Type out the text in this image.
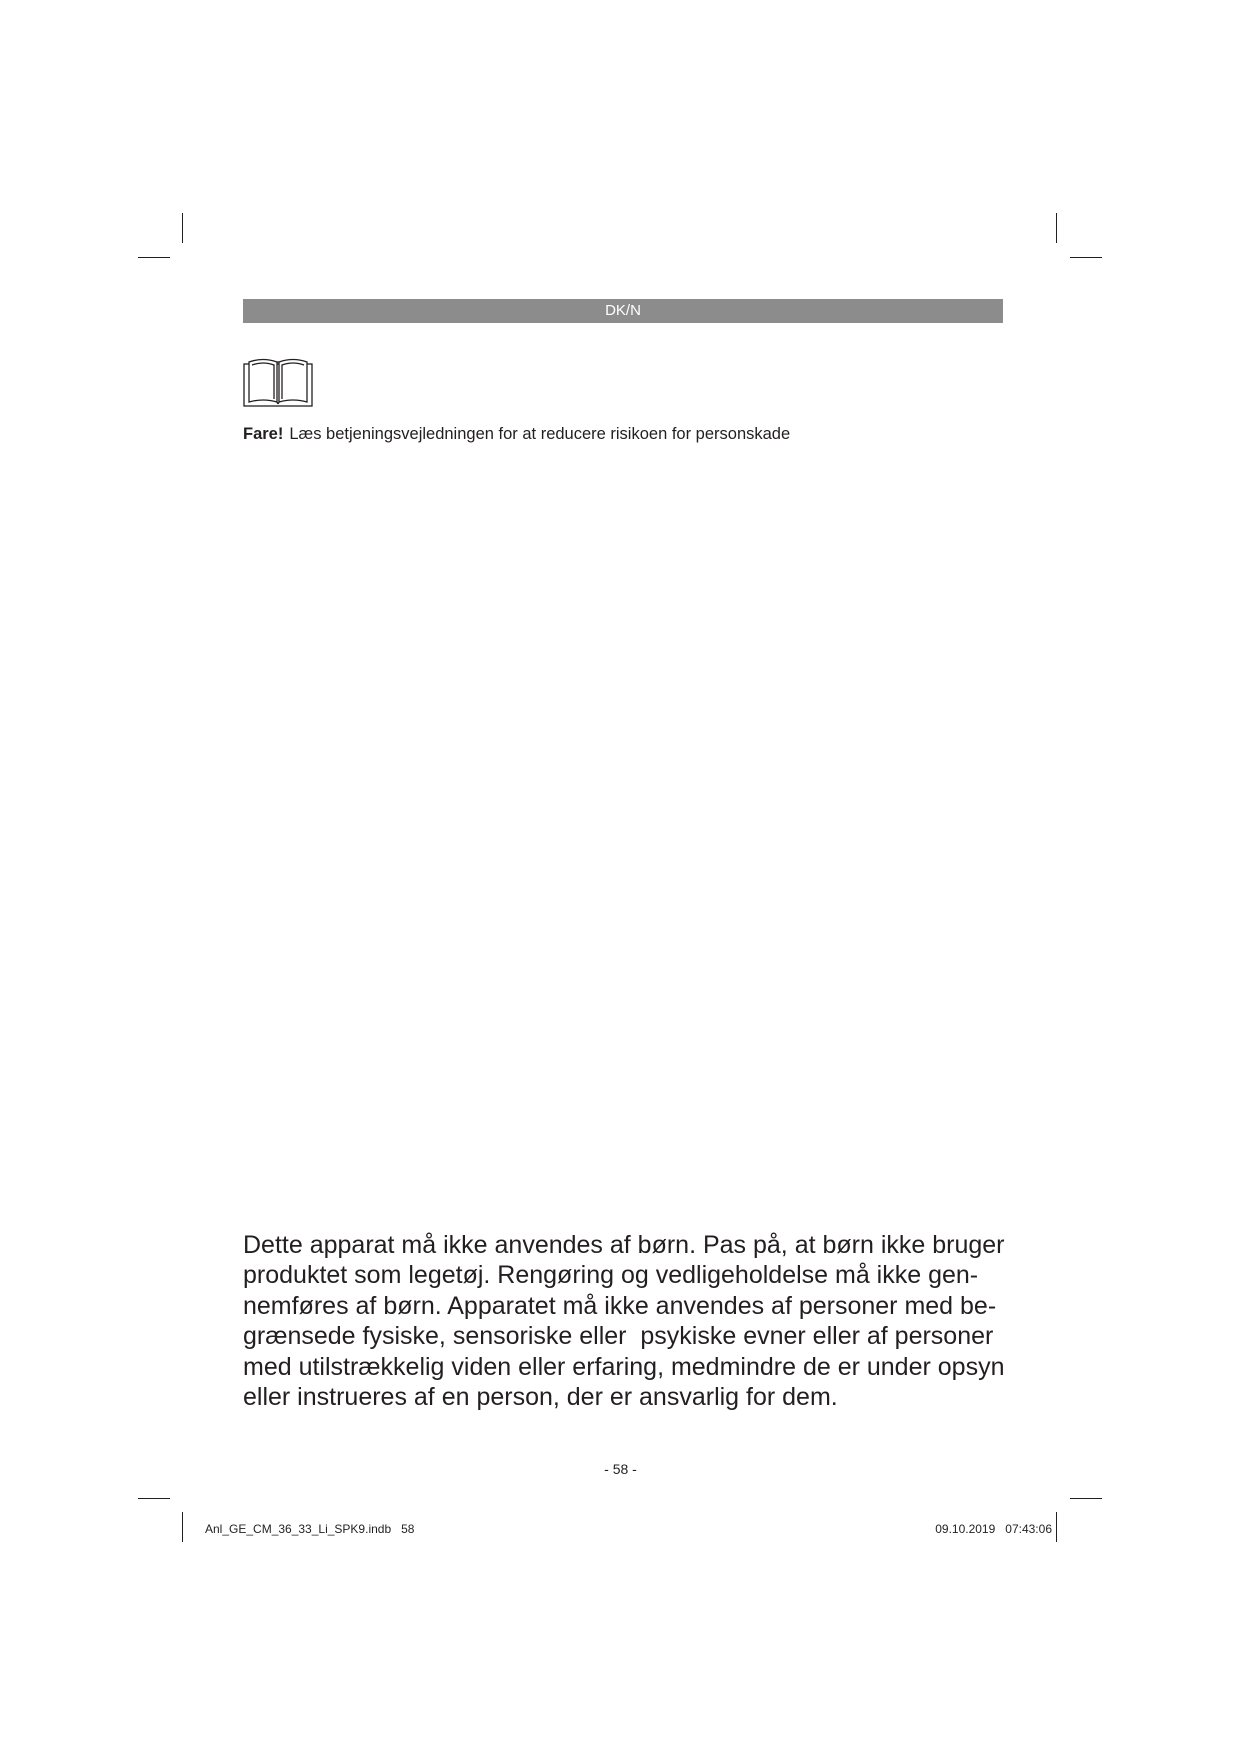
DK/N
Fare! Læs betjeningsvejledningen for at reducere risikoen for personskade
Dette apparat må ikke anvendes af børn. Pas på, at børn ikke bruger
produktet som legetøj. Rengøring og vedligeholdelse må ikke gen-
nemføres af børn. Apparatet må ikke anvendes af personer med be-
grænsede fysiske, sensoriske eller  psykiske evner eller af personer
med utilstrækkelig viden eller erfaring, medmindre de er under opsyn
eller instrueres af en person, der er ansvarlig for dem.
- 58 -
Anl_GE_CM_36_33_Li_SPK9.indb   58	09.10.2019   07:43:06
